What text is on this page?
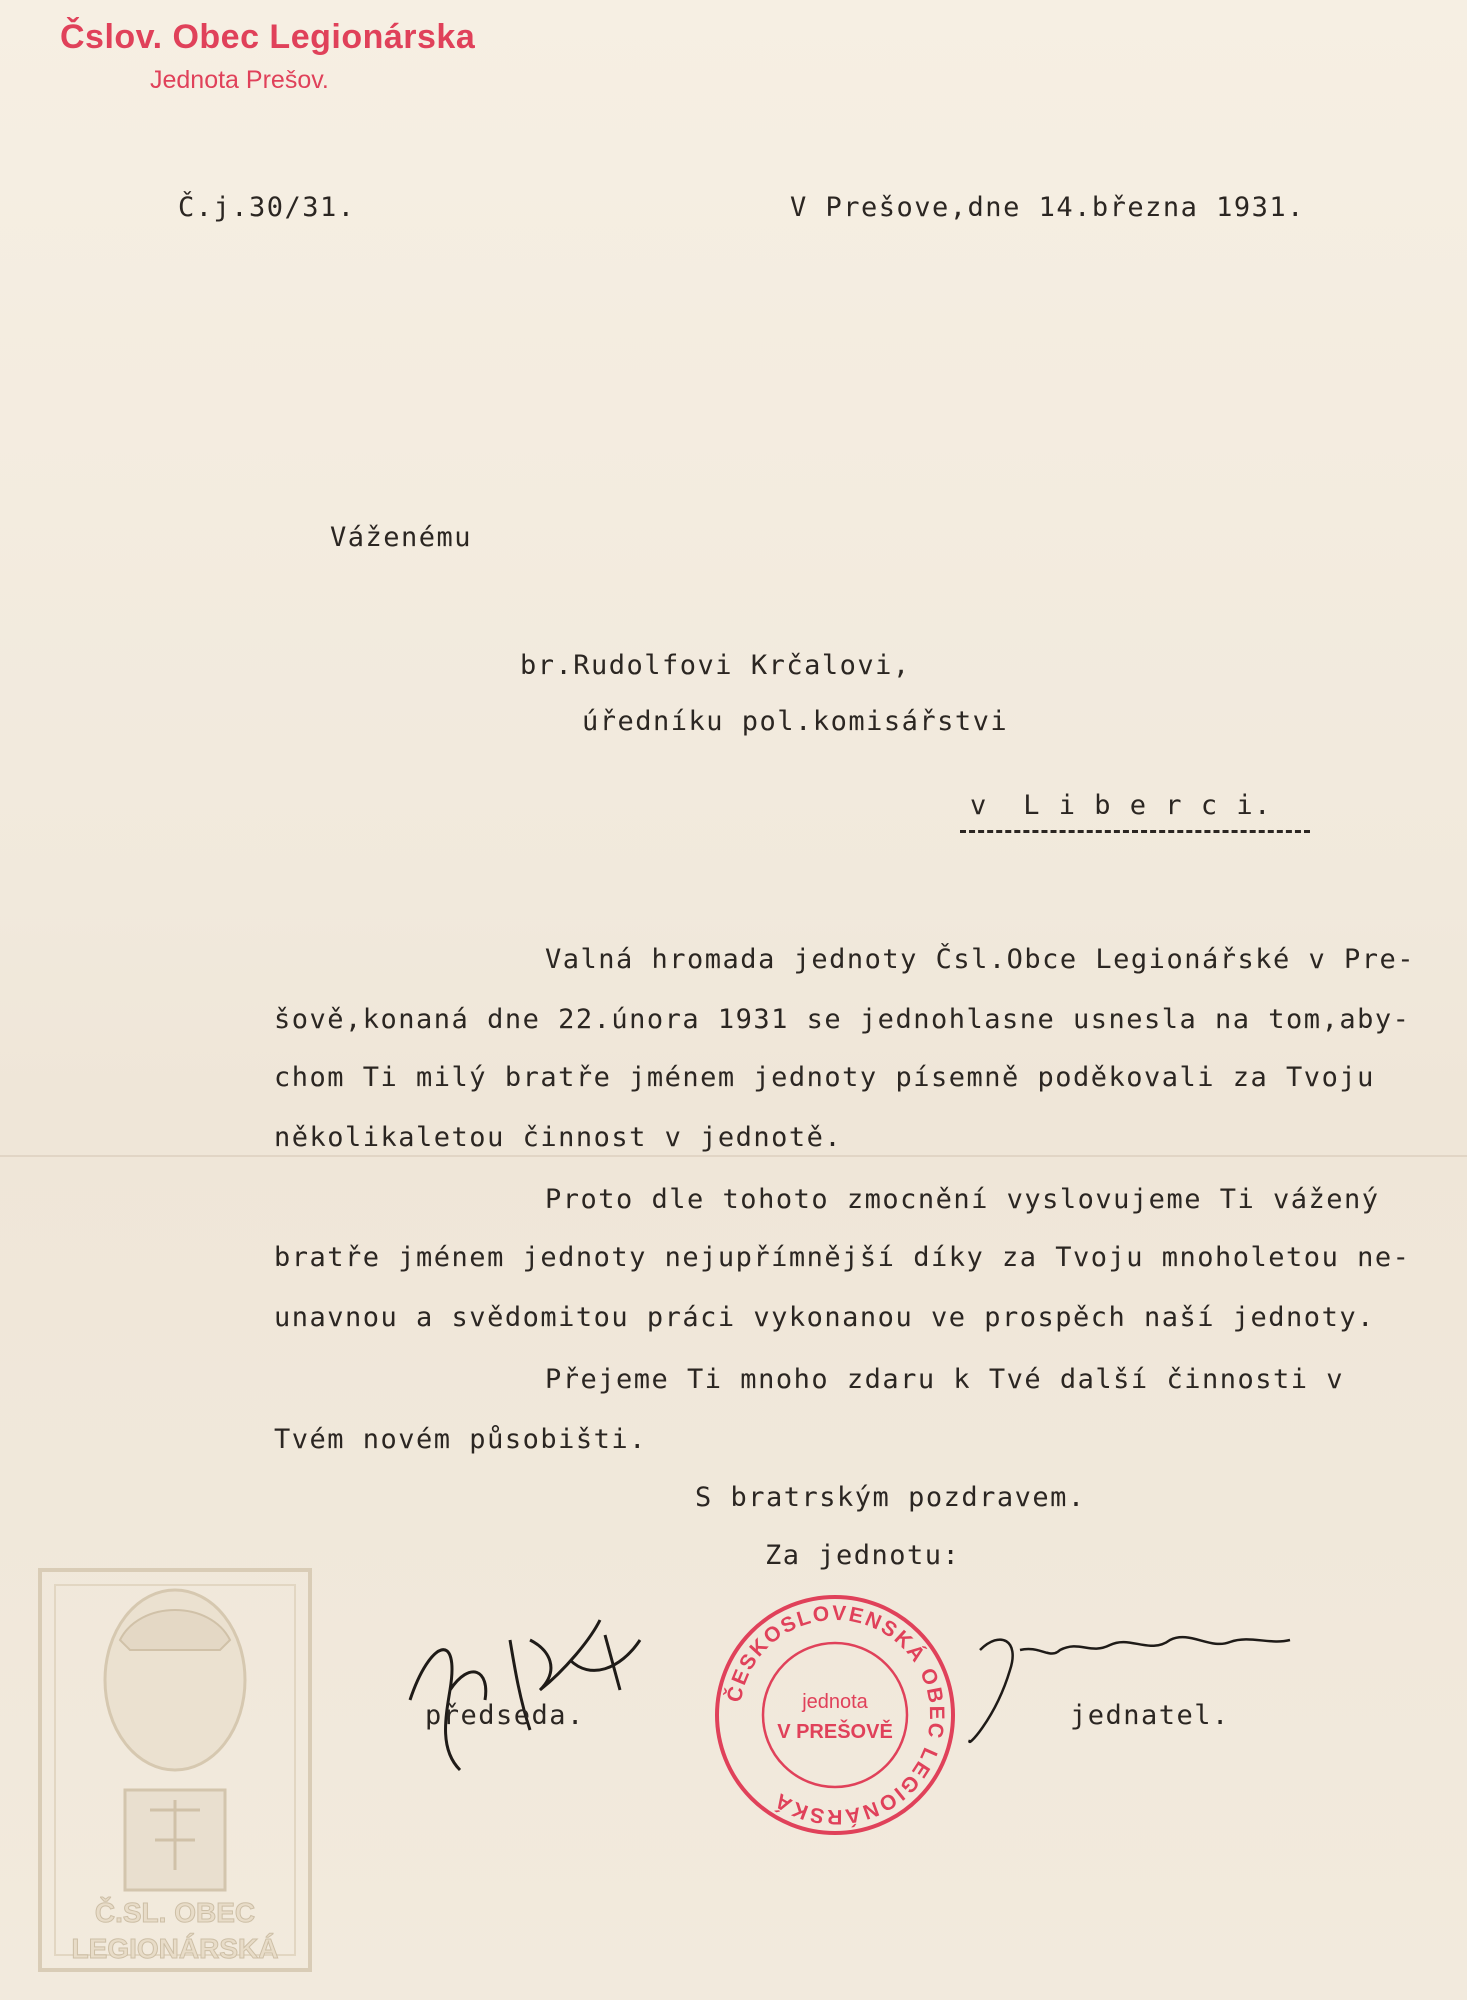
Čslov. Obec Legionárska
Jednota Prešov.
Č.j.30/31.	V Prešove,dne 14.března 1931.
Váženému
br.Rudolfovi Krčalovi,
úředníku pol.komisářstvi
v  L i b e r c i.
Valná hromada jednoty Čsl.Obce Legionářské v Pre-
šově,konaná dne 22.února 1931 se jednohlasne usnesla na tom,aby-
chom Ti milý bratře jménem jednoty písemně poděkovali za Tvoju
několikaletou činnost v jednotě.
Proto dle tohoto zmocnění vyslovujeme Ti vážený
bratře jménem jednoty nejupřímnější díky za Tvoju mnoholetou ne-
unavnou a svědomitou práci vykonanou ve prospěch naší jednoty.
Přejeme Ti mnoho zdaru k Tvé další činnosti v
Tvém novém působišti.
S bratrským pozdravem.
Za jednotu:
předseda.	jednatel.
ČESKOSLOVENSKÁ OBEC LEGIONÁRSKÁ
jednota
V PREŠOVĚ
Č.SL. OBEC
LEGIONÁRSKÁ
